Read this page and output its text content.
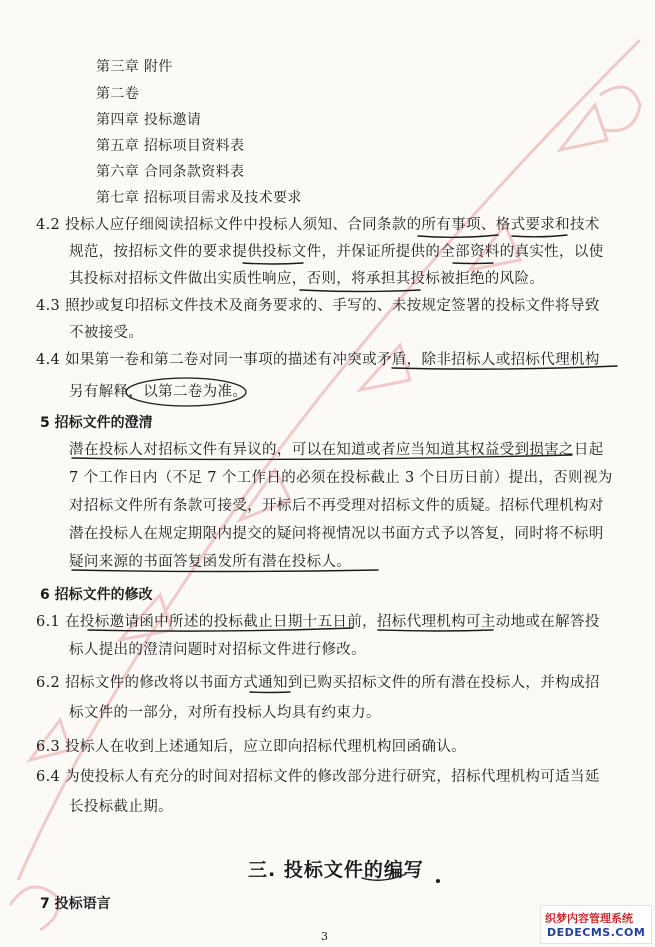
第三章 附件
第二卷
第四章 投标邀请
第五章 招标项目资料表
第六章 合同条款资料表
第七章 招标项目需求及技术要求
4.2 投标人应仔细阅读招标文件中投标人须知、合同条款的所有事项、格式要求和技术
规范，按招标文件的要求提供投标文件，并保证所提供的全部资料的真实性，以使
其投标对招标文件做出实质性响应，否则，将承担其投标被拒绝的风险。
4.3 照抄或复印招标文件技术及商务要求的、手写的、未按规定签署的投标文件将导致
不被接受。
4.4 如果第一卷和第二卷对同一事项的描述有冲突或矛盾，除非招标人或招标代理机构
另有解释，以第二卷为准。
5 招标文件的澄清
潜在投标人对招标文件有异议的，可以在知道或者应当知道其权益受到损害之日起
7 个工作日内（不足 7 个工作日的必须在投标截止 3 个日历日前）提出，否则视为
对招标文件所有条款可接受，开标后不再受理对招标文件的质疑。招标代理机构对
潜在投标人在规定期限内提交的疑问将视情况以书面方式予以答复，同时将不标明
疑问来源的书面答复函发所有潜在投标人。
6 招标文件的修改
6.1 在投标邀请函中所述的投标截止日期十五日前，招标代理机构可主动地或在解答投
标人提出的澄清问题时对招标文件进行修改。
6.2 招标文件的修改将以书面方式通知到已购买招标文件的所有潜在投标人，并构成招
标文件的一部分，对所有投标人均具有约束力。
6.3 投标人在收到上述通知后，应立即向招标代理机构回函确认。
6.4 为使投标人有充分的时间对招标文件的修改部分进行研究，招标代理机构可适当延
长投标截止期。
三. 投标文件的编写
7 投标语言
3
织梦内容管理系统
DEDECMS.COM
